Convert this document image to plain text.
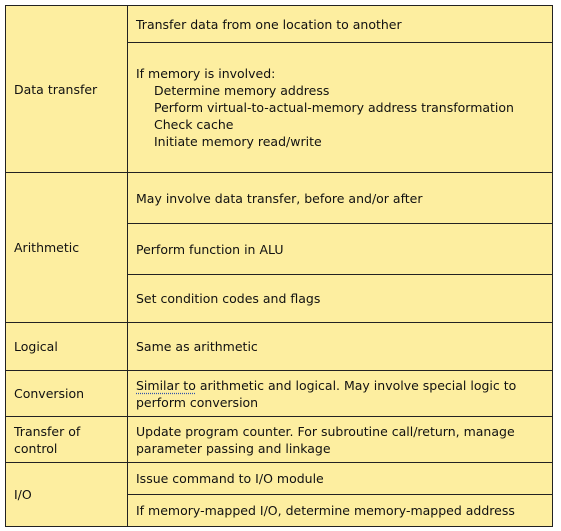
Data transfer	Transfer data from one location to another

	If memory is involved:
Determine memory address
Perform virtual-to-actual-memory address transformation
Check cache
Initiate memory read/write

Arithmetic	May involve data transfer, before and/or after
	Perform function in ALU
	Set condition codes and flags
Logical	Same as arithmetic
Conversion	Similar to arithmetic and logical. May involve special logic to perform conversion
Transfer of control	Update program counter. For subroutine call/return, manage parameter passing and linkage
I/O	Issue command to I/O module
	If memory-mapped I/O, determine memory-mapped address
